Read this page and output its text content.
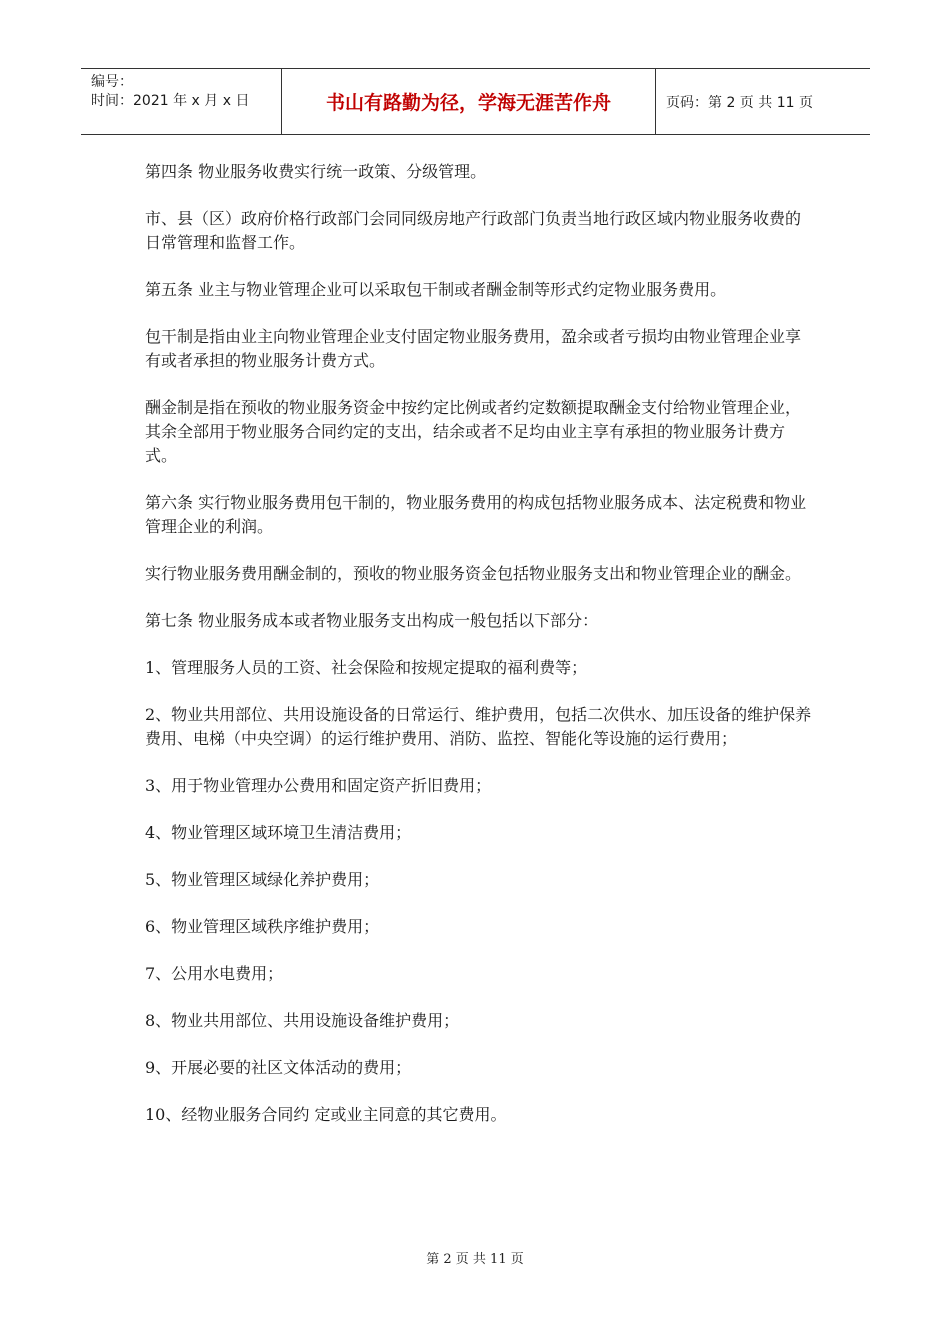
编号：
时间：2021 年 x 月 x 日	书山有路勤为径，学海无涯苦作舟	页码：第 2 页 共 11 页

第四条 物业服务收费实行统一政策、分级管理。

市、县（区）政府价格行政部门会同同级房地产行政部门负责当地行政区域内物业服务收费的日常管理和监督工作。

第五条 业主与物业管理企业可以采取包干制或者酬金制等形式约定物业服务费用。

包干制是指由业主向物业管理企业支付固定物业服务费用，盈余或者亏损均由物业管理企业享有或者承担的物业服务计费方式。

酬金制是指在预收的物业服务资金中按约定比例或者约定数额提取酬金支付给物业管理企业，其余全部用于物业服务合同约定的支出，结余或者不足均由业主享有承担的物业服务计费方式。

第六条 实行物业服务费用包干制的，物业服务费用的构成包括物业服务成本、法定税费和物业管理企业的利润。

实行物业服务费用酬金制的，预收的物业服务资金包括物业服务支出和物业管理企业的酬金。

第七条 物业服务成本或者物业服务支出构成一般包括以下部分：

1、管理服务人员的工资、社会保险和按规定提取的福利费等；

2、物业共用部位、共用设施设备的日常运行、维护费用，包括二次供水、加压设备的维护保养费用、电梯（中央空调）的运行维护费用、消防、监控、智能化等设施的运行费用；

3、用于物业管理办公费用和固定资产折旧费用；

4、物业管理区域环境卫生清洁费用；

5、物业管理区域绿化养护费用；

6、物业管理区域秩序维护费用；

7、公用水电费用；

8、物业共用部位、共用设施设备维护费用；

9、开展必要的社区文体活动的费用；

10、经物业服务合同约 定或业主同意的其它费用。

第 2 页 共 11 页
